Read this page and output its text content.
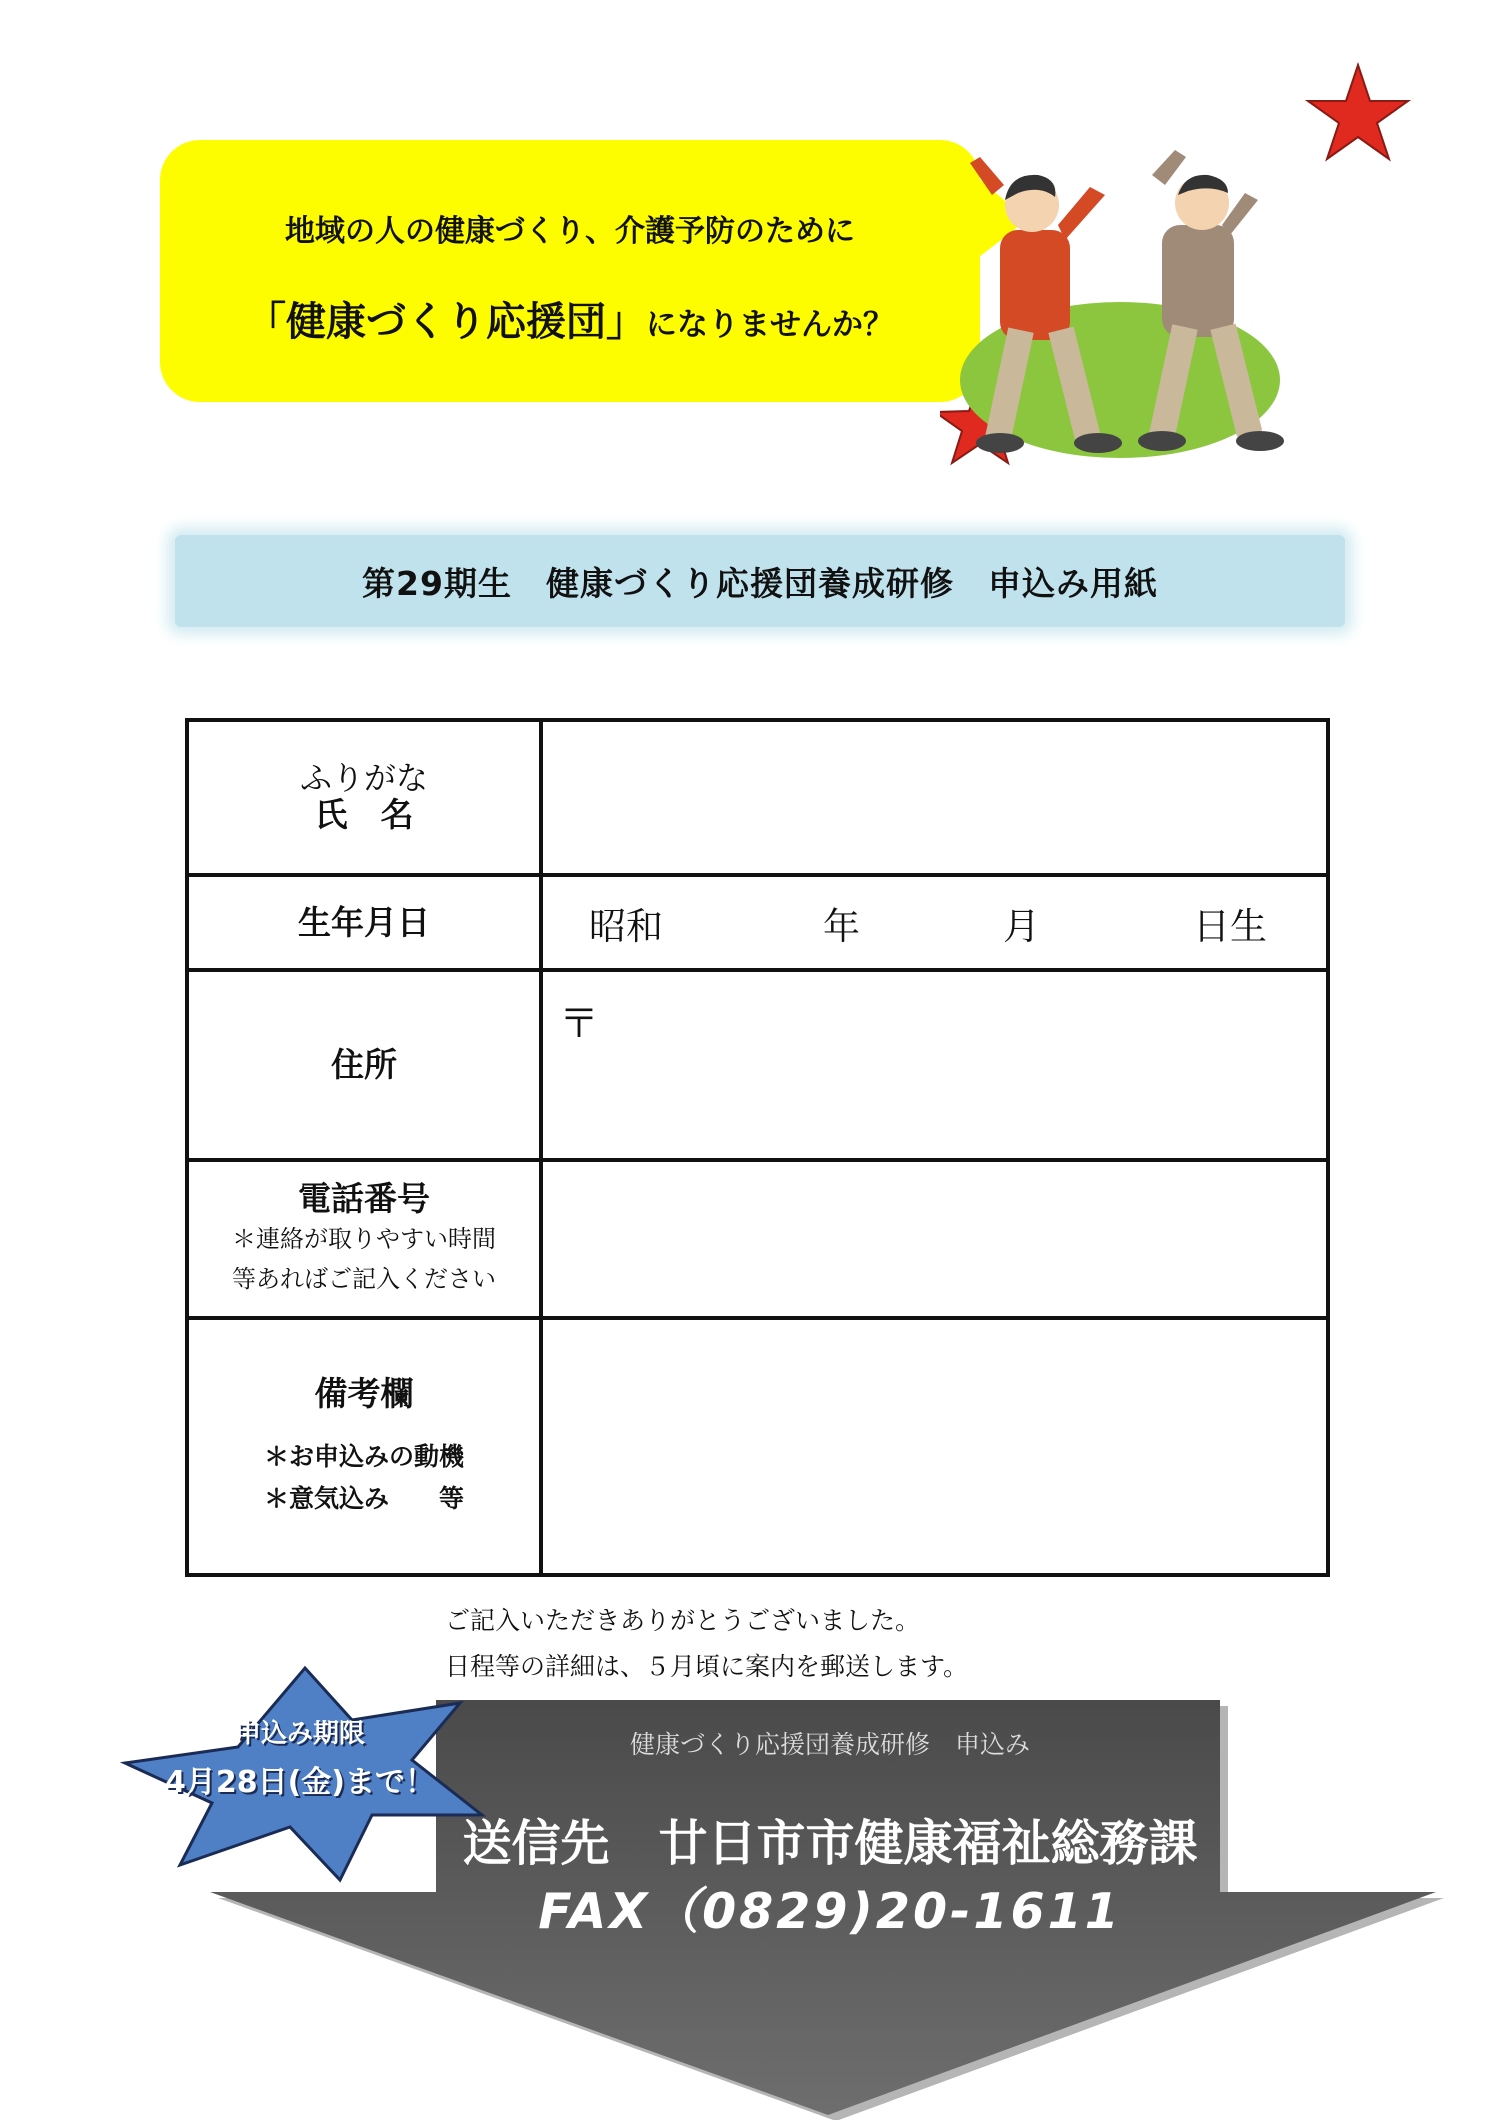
地域の人の健康づくり、介護予防のために
「健康づくり応援団」になりませんか？
第29期生　健康づくり応援団養成研修　申込み用紙
ふりがな
氏　名	

生年月日	昭和 年 月 日生

住所	〒

電話番号
＊連絡が取りやすい時間
等あればご記入ください	

備考欄
＊お申込みの動機
＊意気込み　　等	

ご記入いただきありがとうございました。
日程等の詳細は、５月頃に案内を郵送します。
健康づくり応援団養成研修　申込み
送信先　廿日市市健康福祉総務課
FAX（0829)20-1611
申込み期限
4月28日(金)まで！
